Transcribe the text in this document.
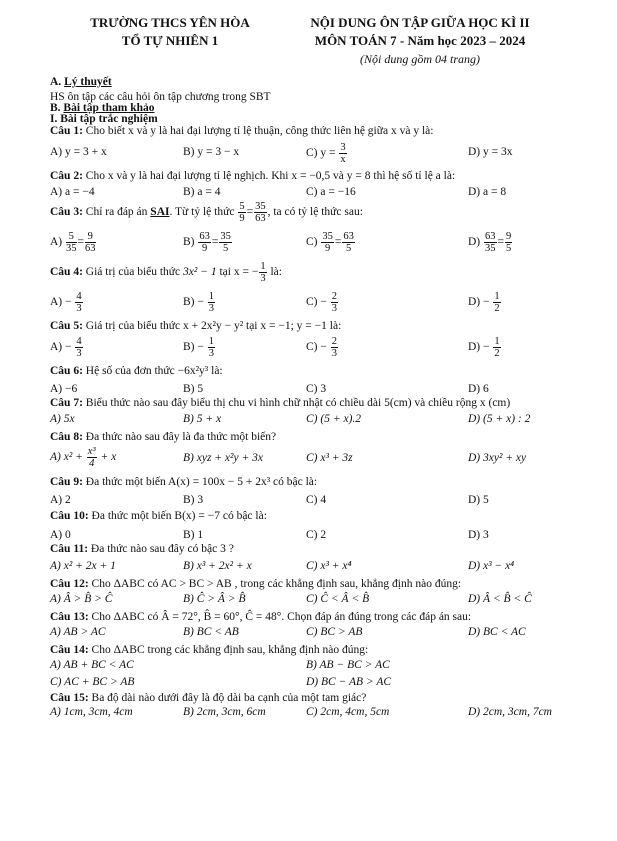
TRƯỜNG THCS YÊN HÒA
TỔ TỰ NHIÊN 1
NỘI DUNG ÔN TẬP GIỮA HỌC KÌ II
MÔN TOÁN 7 - Năm học 2023 – 2024
(Nội dung gồm 04 trang)
A. Lý thuyết
HS ôn tập các câu hỏi ôn tập chương trong SBT
B. Bài tập tham khảo
I. Bài tập trắc nghiệm
Câu 1: Cho biết x và y là hai đại lượng tỉ lệ thuận, công thức liên hệ giữa x và y là:
A) y = 3 + x	B) y = 3 − x	C) $y = \frac{3}{x}$	D) y = 3x
Câu 2: Cho x và y là hai đại lượng tỉ lệ nghịch. Khi x = −0,5 và y = 8 thì hệ số tỉ lệ a là:
A) a = −4	B) a = 4	C) a = −16	D) a = 8
Câu 3: Chỉ ra đáp án SAI. Từ tỷ lệ thức $\frac{5}{9} = \frac{35}{63}$ , ta có tỷ lệ thức sau:
$A) \frac{5}{35} = \frac{9}{63}$	$B) \frac{63}{9} = \frac{35}{5}$	$C) \frac{35}{9} = \frac{63}{5}$	$D) \frac{63}{35} = \frac{9}{5}$
Câu 4: Giá trị của biểu thức 3x² − 1 tại x = − $\frac{1}{3}$ là:
$A) - \frac{4}{3}$	$B) - \frac{1}{3}$	$C) - \frac{2}{3}$	$D) - \frac{1}{2}$
Câu 5: Giá trị của biểu thức x + 2x²y − y² tại x = −1; y = −1 là:
$A) - \frac{4}{3}$	$B) - \frac{1}{3}$	$C) - \frac{2}{3}$	$D) - \frac{1}{2}$
Câu 6: Hệ số của đơn thức −6x²y³ là:
A) −6	B) 5	C) 3	D) 6
Câu 7: Biểu thức nào sau đây biểu thị chu vi hình chữ nhật có chiều dài 5(cm) và chiều rộng x (cm)
A) 5x	B) 5 + x	C) (5 + x).2	D) (5 + x) : 2
Câu 8: Đa thức nào sau đây là đa thức một biến?
A) $x^2 + \frac{\text{x³}}{4} + x$	B) xyz + x²y + 3x	C) x³ + 3z	D) 3xy² + xy
Câu 9: Đa thức một biến A(x) = 100x − 5 + 2x³ có bậc là:
A) 2	B) 3	C) 4	D) 5
Câu 10: Đa thức một biến B(x) = −7 có bậc là:
A) 0	B) 1	C) 2	D) 3
Câu 11: Đa thức nào sau đây có bậc 3 ?
A) x² + 2x + 1	B) x³ + 2x² + x	C) x³ + x⁴	D) x³ − x⁴
Câu 12: Cho ΔABC có AC > BC > AB , trong các khẳng định sau, khẳng định nào đúng:
A) Â > B̂ > Ĉ	B) Ĉ > Â > B̂	C) Ĉ < Â < B̂	D) Â < B̂ < Ĉ
Câu 13: Cho ΔABC có Â = 72°, B̂ = 60°, Ĉ = 48°. Chọn đáp án đúng trong các đáp án sau:
A) AB > AC	B) BC < AB	C) BC > AB	D) BC < AC
Câu 14: Cho ΔABC trong các khẳng định sau, khẳng định nào đúng:
A) AB + BC < AC	B) AB − BC > AC
C) AC + BC > AB	D) BC − AB > AC
Câu 15: Ba độ dài nào dưới đây là độ dài ba cạnh của một tam giác?
A) 1cm, 3cm, 4cm	B) 2cm, 3cm, 6cm	C) 2cm, 4cm, 5cm	D) 2cm, 3cm, 7cm
